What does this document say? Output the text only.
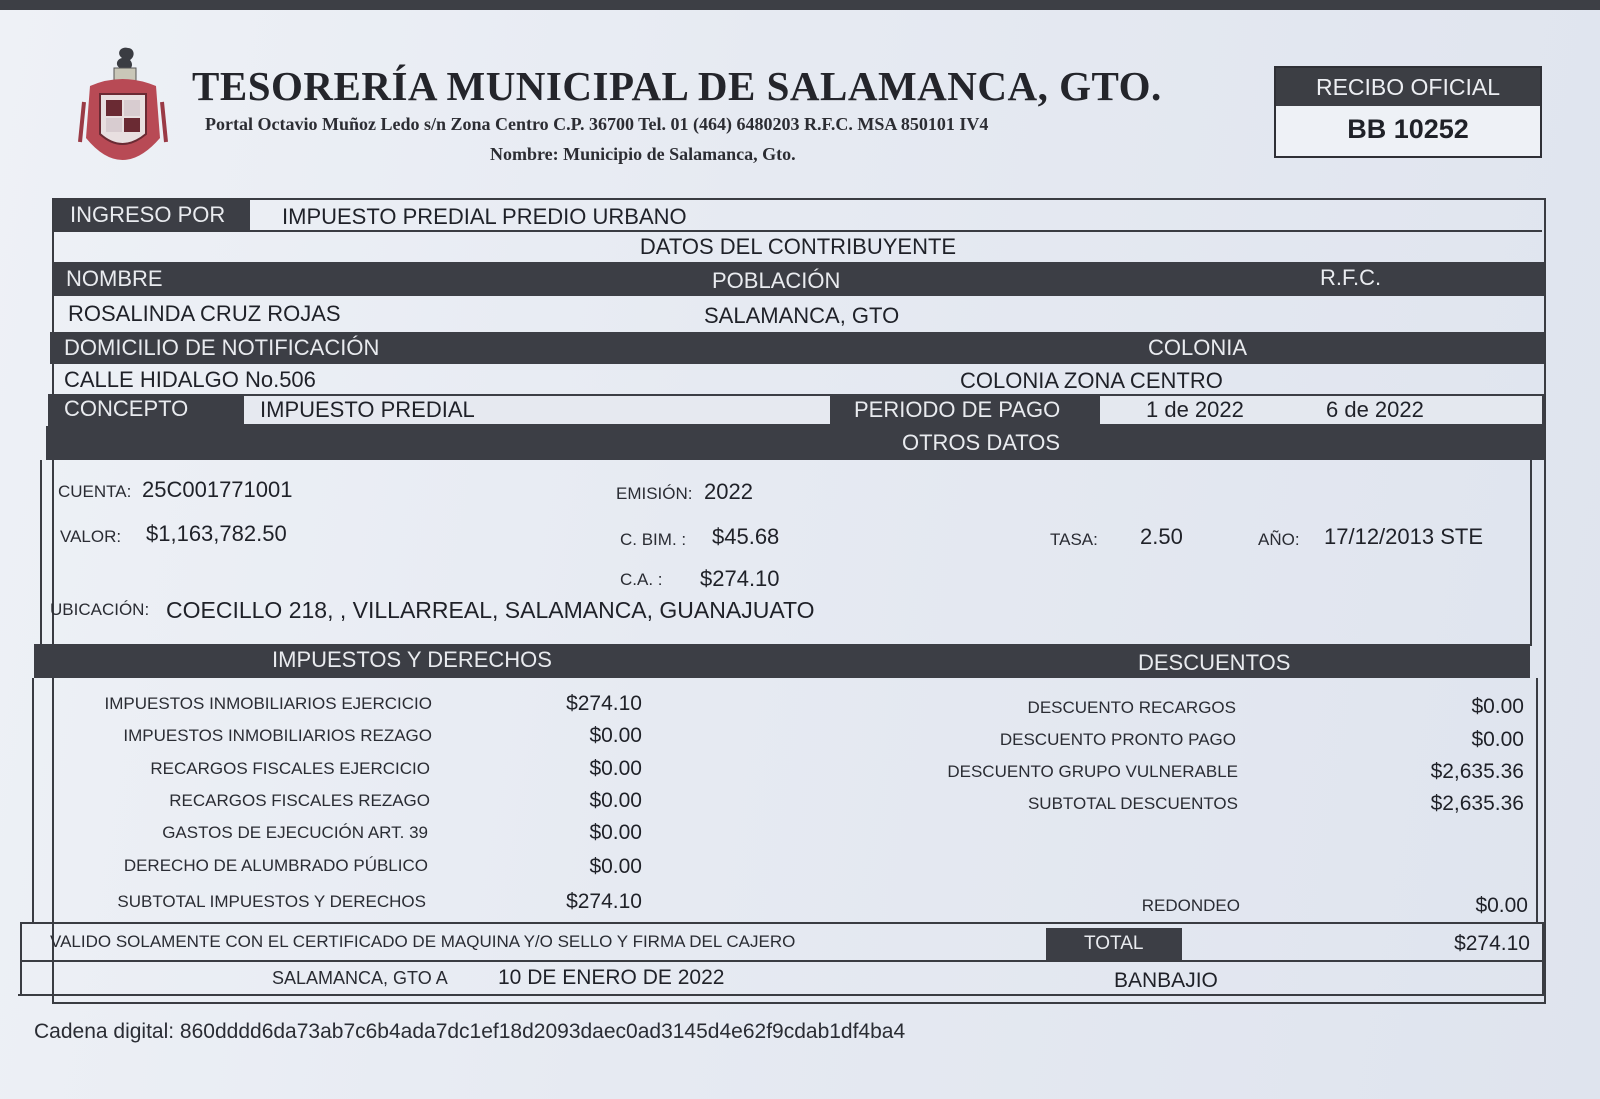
TESORERÍA MUNICIPAL DE SALAMANCA, GTO.
Portal Octavio Muñoz Ledo s/n Zona Centro C.P. 36700 Tel. 01 (464) 6480203 R.F.C. MSA 850101 IV4
Nombre: Municipio de Salamanca, Gto.
RECIBO OFICIAL
BB 10252
INGRESO POR	IMPUESTO PREDIAL PREDIO URBANO
DATOS DEL CONTRIBUYENTE
NOMBRE	POBLACIÓN	R.F.C.
ROSALINDA CRUZ ROJAS	SALAMANCA, GTO
DOMICILIO DE NOTIFICACIÓN	COLONIA
CALLE HIDALGO No.506	COLONIA ZONA CENTRO
CONCEPTO	IMPUESTO PREDIAL	PERIODO DE PAGO	1 de 2022	6 de 2022
OTROS DATOS
CUENTA: 25C001771001	EMISIÓN: 2022
VALOR: $1,163,782.50	C. BIM. : $45.68	TASA: 2.50	AÑO: 17/12/2013 STE
C.A. : $274.10
UBICACIÓN: COECILLO 218, , VILLARREAL, SALAMANCA, GUANAJUATO
IMPUESTOS Y DERECHOS	DESCUENTOS
IMPUESTOS INMOBILIARIOS EJERCICIO	$274.10
IMPUESTOS INMOBILIARIOS REZAGO	$0.00
RECARGOS FISCALES EJERCICIO	$0.00
RECARGOS FISCALES REZAGO	$0.00
GASTOS DE EJECUCIÓN ART. 39	$0.00
DERECHO DE ALUMBRADO PÚBLICO	$0.00
SUBTOTAL IMPUESTOS Y DERECHOS	$274.10
DESCUENTO RECARGOS	$0.00
DESCUENTO PRONTO PAGO	$0.00
DESCUENTO GRUPO VULNERABLE	$2,635.36
SUBTOTAL DESCUENTOS	$2,635.36
REDONDEO	$0.00
VALIDO SOLAMENTE CON EL CERTIFICADO DE MAQUINA Y/O SELLO Y FIRMA DEL CAJERO	TOTAL	$274.10
SALAMANCA, GTO A 10 DE ENERO DE 2022	BANBAJIO
Cadena digital: 860dddd6da73ab7c6b4ada7dc1ef18d2093daec0ad3145d4e62f9cdab1df4ba4
